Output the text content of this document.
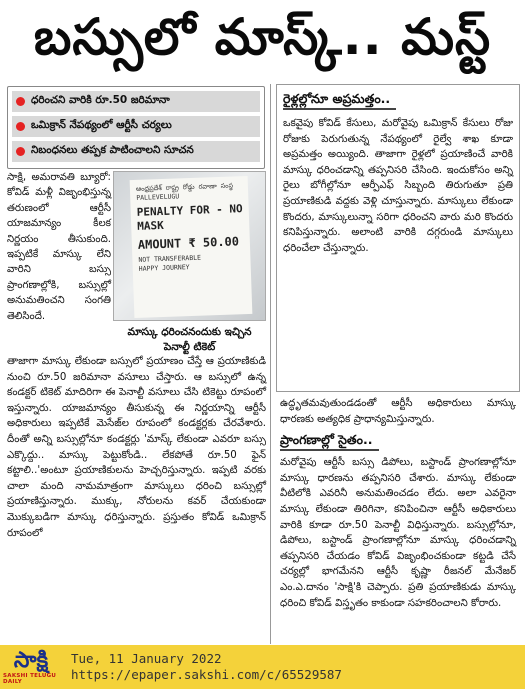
బస్సులో మాస్క్.. మస్ట్
ధరించని వారికి రూ.50 జరిమానా
ఒమిక్రాన్ నేపథ్యంలో ఆర్టీసీ చర్యలు
నిబంధనలు తప్పక పాటించాలని సూచన

సాక్షి, అమరావతి బ్యూరో: కోవిడ్ మళ్లీ విజృంభిస్తున్న తరుణంలో ఆర్టీసీ యాజమాన్యం కీలక నిర్ణయం తీసుకుంది. ఇప్పటికే మాస్కు లేని వారిని బస్సు ప్రాంగణాల్లోకి, బస్సుల్లో అనుమతించని సంగతి తెలిసిందే.

ఆంధ్రప్రదేశ్ రాష్ట్ర రోడ్డు రవాణా సంస్థ
PALLEVELUGU
PENALTY FOR - NO MASK
AMOUNT ₹ 50.00
NOT TRANSFERABLE
HAPPY JOURNEY
మాస్కు ధరించనందుకు ఇచ్చిన పెనాల్టీ టికెట్

తాజాగా మాస్కు లేకుండా బస్సులో ప్రయాణం చేస్తే ఆ ప్రయాణికుడి నుంచి రూ.50 జరిమానా వసూలు చేస్తారు. ఆ బస్సులో ఉన్న కండక్టర్ టికెట్ మాదిరిగా ఈ పెనాల్టీ వసూలు చేసి టికెట్టు రూపంలో ఇస్తున్నారు. యాజమాన్యం తీసుకున్న ఈ నిర్ణయాన్ని ఆర్టీసీ అధికారులు ఇప్పటికే మెసేజ్‌ల రూపంలో కండక్టర్లకు చేరవేశారు. దీంతో అన్ని బస్సుల్లోనూ కండక్టర్లు 'మాస్క్ లేకుండా ఎవరూ బస్సు ఎక్కొద్దు.. మాస్కు పెట్టుకోండి.. లేకపోతే రూ.50 ఫైన్ కట్టాలి..'అంటూ ప్రయాణికులను హెచ్చరిస్తున్నారు. ఇప్పటి వరకు చాలా మంది నామమాత్రంగా మాస్కులు ధరించి బస్సుల్లో ప్రయాణిస్తున్నారు. ముక్కు, నోరులను కవర్ చేయకుండా మొక్కుబడిగా మాస్కు ధరిస్తున్నారు. ప్రస్తుతం కోవిడ్ ఒమిక్రాన్ రూపంలో

రైళ్లల్లోనూ అప్రమత్తం..

ఒకవైపు కోవిడ్ కేసులు, మరోవైపు ఒమిక్రాన్ కేసులు రోజు రోజుకు పెరుగుతున్న నేపథ్యంలో రైల్వే శాఖ కూడా అప్రమత్తం అయ్యింది. తాజాగా రైళ్లలో ప్రయాణించే వారికి మాస్కు ధరించడాన్ని తప్పనిసరి చేసింది. ఇందుకోసం అన్ని రైలు బోగీల్లోనూ ఆర్పీఎఫ్ సిబ్బంది తిరుగుతూ ప్రతి ప్రయాణికుడి వద్దకు వెళ్లి చూస్తున్నారు. మాస్కులు లేకుండా కొందరు, మాస్కులున్నా సరిగా ధరించని వారు మరి కొందరు కనిపిస్తున్నారు. అలాంటి వారికి దగ్గరుండి మాస్కులు ధరించేలా చేస్తున్నారు.

ఉద్ధృతమవుతుండడంతో ఆర్టీసీ అధికారులు మాస్కు ధారణకు అత్యధిక ప్రాధాన్యమిస్తున్నారు.

ప్రాంగణాల్లో సైతం..

మరోవైపు ఆర్టీసీ బస్సు డిపోలు, బస్టాండ్ ప్రాంగణాల్లోనూ మాస్కు ధారణను తప్పనిసరి చేశారు. మాస్కు లేకుండా వీటిలోకి ఎవరినీ అనుమతించడం లేదు. అలా ఎవరైనా మాస్కు లేకుండా తిరిగినా, కనిపించినా ఆర్టీసీ అధికారులు వారికి కూడా రూ.50 పెనాల్టీ విధిస్తున్నారు. బస్సుల్లోనూ, డిపోలు, బస్టాండ్ ప్రాంగణాల్లోనూ మాస్కు ధరించడాన్ని తప్పనిసరి చేయడం కోవిడ్ విజృంభించకుండా కట్టడి చేసే చర్యల్లో భాగమేనని ఆర్టీసీ కృష్ణా రీజనల్ మేనేజర్ ఎం.ఎ.దానం 'సాక్షి'కి చెప్పారు. ప్రతి ప్రయాణికుడు మాస్కు ధరించి కోవిడ్ విస్తృతం కాకుండా సహకరించాలని కోరారు.

సాక్షి
SAKSHI TELUGU DAILY
Tue, 11 January 2022
https://epaper.sakshi.com/c/65529587
